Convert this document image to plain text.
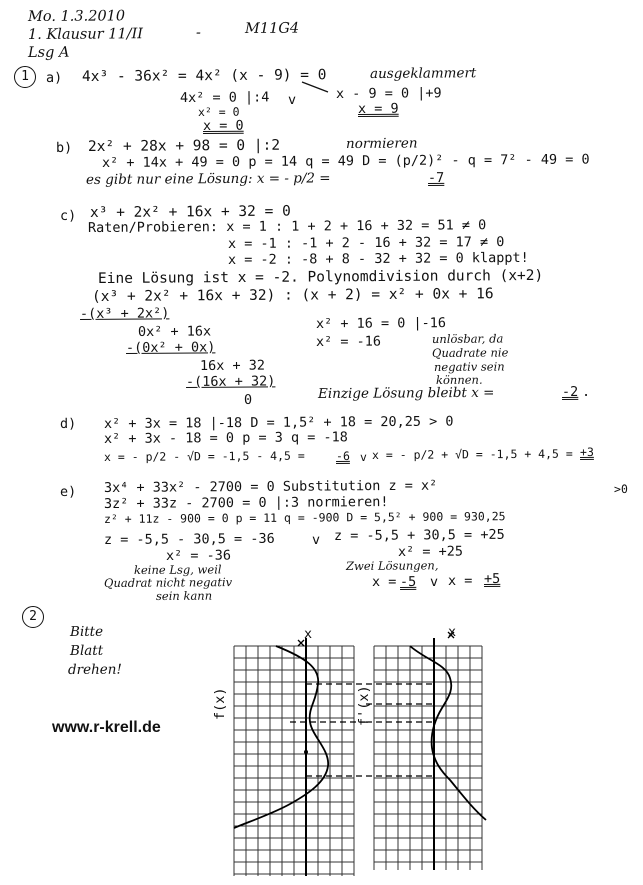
Mo. 1.3.2010
1. Klausur 11/II	-	M11G4
Lsg A
1	a) 4x³ - 36x² = 4x² (x - 9) = 0	ausgeklammert
4x² = 0 |:4 v	x - 9 = 0 |+9
x² = 0	x = 9
x = 0
b) 2x² + 28x + 98 = 0 |:2	normieren
x² + 14x + 49 = 0 p = 14 q = 49 D = (p/2)² - q = 7² - 49 = 0
es gibt nur eine Lösung: x = - p/2 =	-7
c) x³ + 2x² + 16x + 32 = 0
Raten/Probieren: x = 1 : 1 + 2 + 16 + 32 = 51 ≠ 0
x = -1 : -1 + 2 - 16 + 32 = 17 ≠ 0
x = -2 : -8 + 8 - 32 + 32 = 0 klappt!
Eine Lösung ist x = -2. Polynomdivision durch (x+2)
(x³ + 2x² + 16x + 32) : (x + 2) = x² + 0x + 16
-(x³ + 2x²)
0x² + 16x
-(0x² + 0x)
16x + 32
-(16x + 32)
0
x² + 16 = 0 |-16
x² = -16	unlösbar, da
Quadrate nie
negativ sein
können.
Einzige Lösung bleibt x =	-2 .
d) x² + 3x = 18 |-18 D = 1,5² + 18 = 20,25 > 0
x² + 3x - 18 = 0 p = 3 q = -18
x = - p/2 - √D = -1,5 - 4,5 =	-6 v x = - p/2 + √D = -1,5 + 4,5 = +3
e) 3x⁴ + 33x² - 2700 = 0 Substitution z = x²
3z² + 33z - 2700 = 0 |:3 normieren!
>0
z² + 11z - 900 = 0 p = 11 q = -900 D = 5,5² + 900 = 930,25
z = -5,5 - 30,5 = -36	v z = -5,5 + 30,5 = +25
x² = -36
keine Lsg, weil
Quadrat nicht negativ
sein kann
x² = +25
Zwei Lösungen,
x = -5 v x = +5
2
Bitte
Blatt
drehen!
www.r-krell.de
x
f(x)
x
f'(x)
